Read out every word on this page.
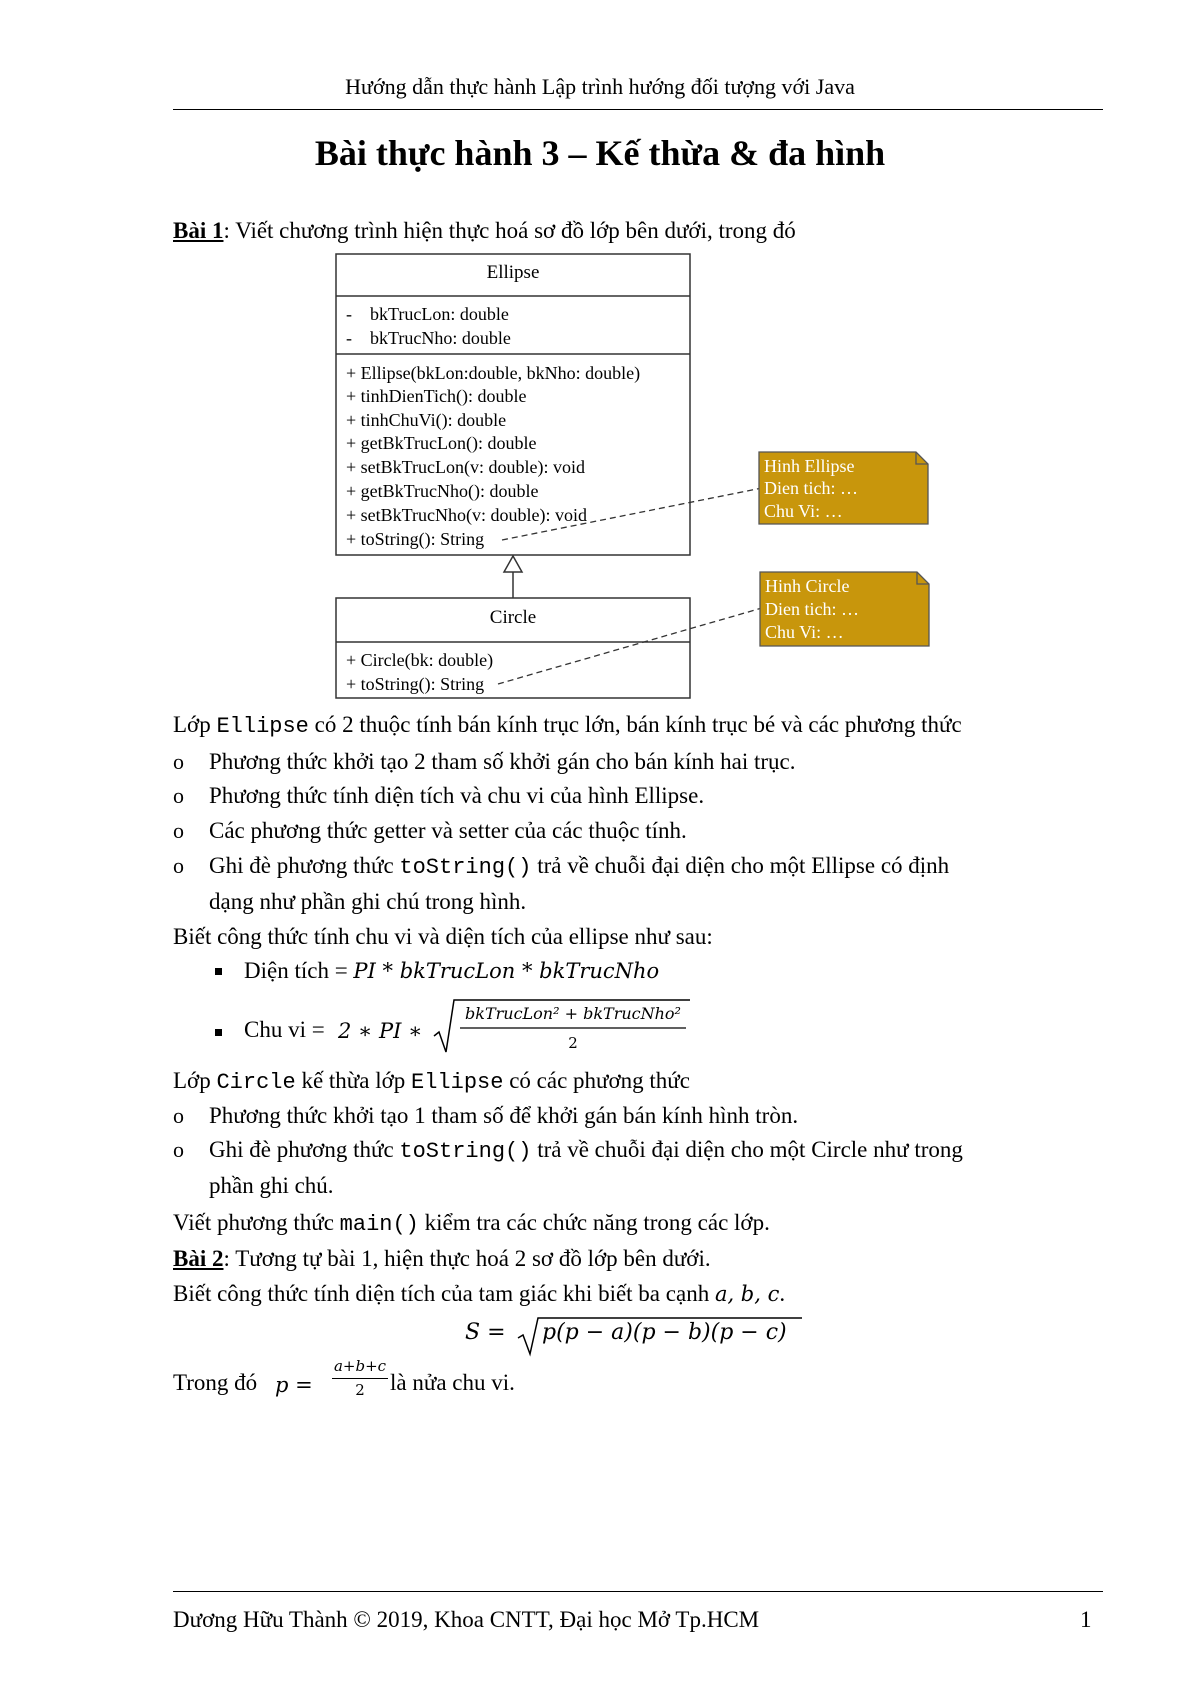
Hướng dẫn thực hành Lập trình hướng đối tượng với Java
Bài thực hành 3 – Kế thừa & đa hình
Bài 1: Viết chương trình hiện thực hoá sơ đồ lớp bên dưới, trong đó
Ellipse
-    bkTrucLon: double
-    bkTrucNho: double
+ Ellipse(bkLon:double, bkNho: double)
+ tinhDienTich(): double
+ tinhChuVi(): double
+ getBkTrucLon(): double
+ setBkTrucLon(v: double): void
+ getBkTrucNho(): double
+ setBkTrucNho(v: double): void
+ toString(): String
Circle
+ Circle(bk: double)
+ toString(): String
Hinh Ellipse
Dien tich: …
Chu Vi: …
Hinh Circle
Dien tich: …
Chu Vi: …
Lớp Ellipse có 2 thuộc tính bán kính trục lớn, bán kính trục bé và các phương thức
o Phương thức khởi tạo 2 tham số khởi gán cho bán kính hai trục.
o Phương thức tính diện tích và chu vi của hình Ellipse.
o Các phương thức getter và setter của các thuộc tính.
o Ghi đè phương thức toString() trả về chuỗi đại diện cho một Ellipse có định
dạng như phần ghi chú trong hình.
Biết công thức tính chu vi và diện tích của ellipse như sau:
Diện tích = PI * bkTrucLon * bkTrucNho
Chu vi = 2 ∗ PI ∗
bkTrucLon² + bkTrucNho²
2
Lớp Circle kế thừa lớp Ellipse có các phương thức
o Phương thức khởi tạo 1 tham số để khởi gán bán kính hình tròn.
o Ghi đè phương thức toString() trả về chuỗi đại diện cho một Circle như trong
phần ghi chú.
Viết phương thức main() kiểm tra các chức năng trong các lớp.
Bài 2: Tương tự bài 1, hiện thực hoá 2 sơ đồ lớp bên dưới.
Biết công thức tính diện tích của tam giác khi biết ba cạnh a, b, c.
S = p(p − a)(p − b)(p − c)
Trong đó p =
a+b+c
2	là nửa chu vi.
Dương Hữu Thành © 2019, Khoa CNTT, Đại học Mở Tp.HCM	1
